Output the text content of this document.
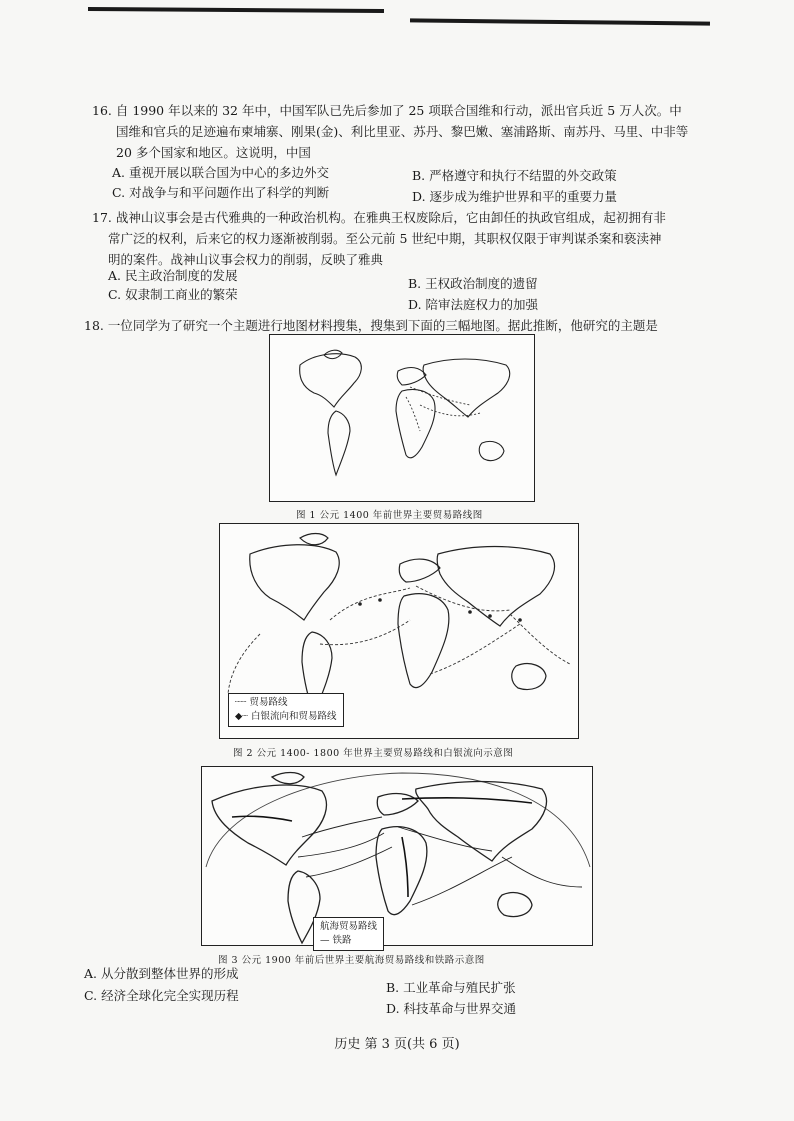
16. 自 1990 年以来的 32 年中，中国军队已先后参加了 25 项联合国维和行动，派出官兵近 5 万人次。中
国维和官兵的足迹遍布柬埔寨、刚果(金)、利比里亚、苏丹、黎巴嫩、塞浦路斯、南苏丹、马里、中非等
20 多个国家和地区。这说明，中国
A. 重视开展以联合国为中心的多边外交	B. 严格遵守和执行不结盟的外交政策
C. 对战争与和平问题作出了科学的判断	D. 逐步成为维护世界和平的重要力量
17. 战神山议事会是古代雅典的一种政治机构。在雅典王权废除后，它由卸任的执政官组成，起初拥有非
常广泛的权利，后来它的权力逐渐被削弱。至公元前 5 世纪中期，其职权仅限于审判谋杀案和亵渎神
明的案件。战神山议事会权力的削弱，反映了雅典
A. 民主政治制度的发展
B. 王权政治制度的遗留
C. 奴隶制工商业的繁荣
D. 陪审法庭权力的加强
18. 一位同学为了研究一个主题进行地图材料搜集，搜集到下面的三幅地图。据此推断，他研究的主题是
图 1 公元 1400 年前世界主要贸易路线图
┈┈ 贸易路线
◆┈ 白银流向和贸易路线
图 2 公元 1400- 1800 年世界主要贸易路线和白银流向示意图
航海贸易路线
— 铁路
图 3 公元 1900 年前后世界主要航海贸易路线和铁路示意图
A. 从分散到整体世界的形成
B. 工业革命与殖民扩张
C. 经济全球化完全实现历程
D. 科技革命与世界交通
历史 第 3 页(共 6 页)
